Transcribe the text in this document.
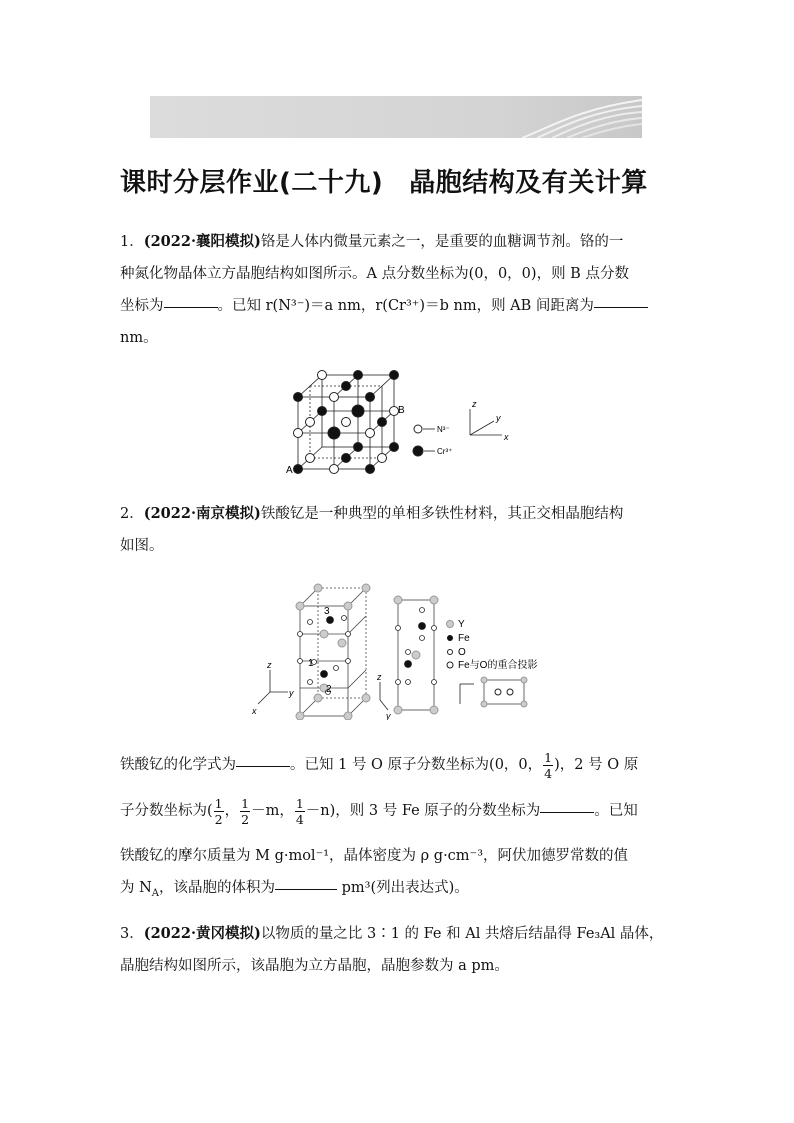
课时分层作业(二十九) 晶胞结构及有关计算
1．(2022·襄阳模拟)铬是人体内微量元素之一，是重要的血糖调节剂。铬的一
种氮化物晶体立方晶胞结构如图所示。A 点分数坐标为(0，0，0)，则 B 点分数
坐标为	。已知 r(N³⁻)＝a nm，r(Cr³⁺)＝b nm，则 AB 间距离为
nm。
A
B
N³⁻
Cr³⁺
z
y
x
2．(2022·南京模拟)铁酸钇是一种典型的单相多铁性材料，其正交相晶胞结构
如图。
3
1
2
z
y
x
z
y
Y
Fe
O
Fe与O的重合投影
铁酸钇的化学式为	。已知 1 号 O 原子分数坐标为(0，0， $\frac{1}{4}$ )，2 号 O 原
子分数坐标为( $\frac{1}{2}$ ， $\frac{1}{2} -m$， $\frac{1}{4} -n$)，则 3 号 Fe 原子的分数坐标为	。已知
铁酸钇的摩尔质量为 M g·mol⁻¹，晶体密度为 ρ g·cm⁻³，阿伏加德罗常数的值
为 $N_A$，该晶胞的体积为	pm³(列出表达式)。
3．(2022·黄冈模拟)以物质的量之比 3∶1 的 Fe 和 Al 共熔后结晶得 Fe₃Al 晶体，
晶胞结构如图所示，该晶胞为立方晶胞，晶胞参数为 a pm。
